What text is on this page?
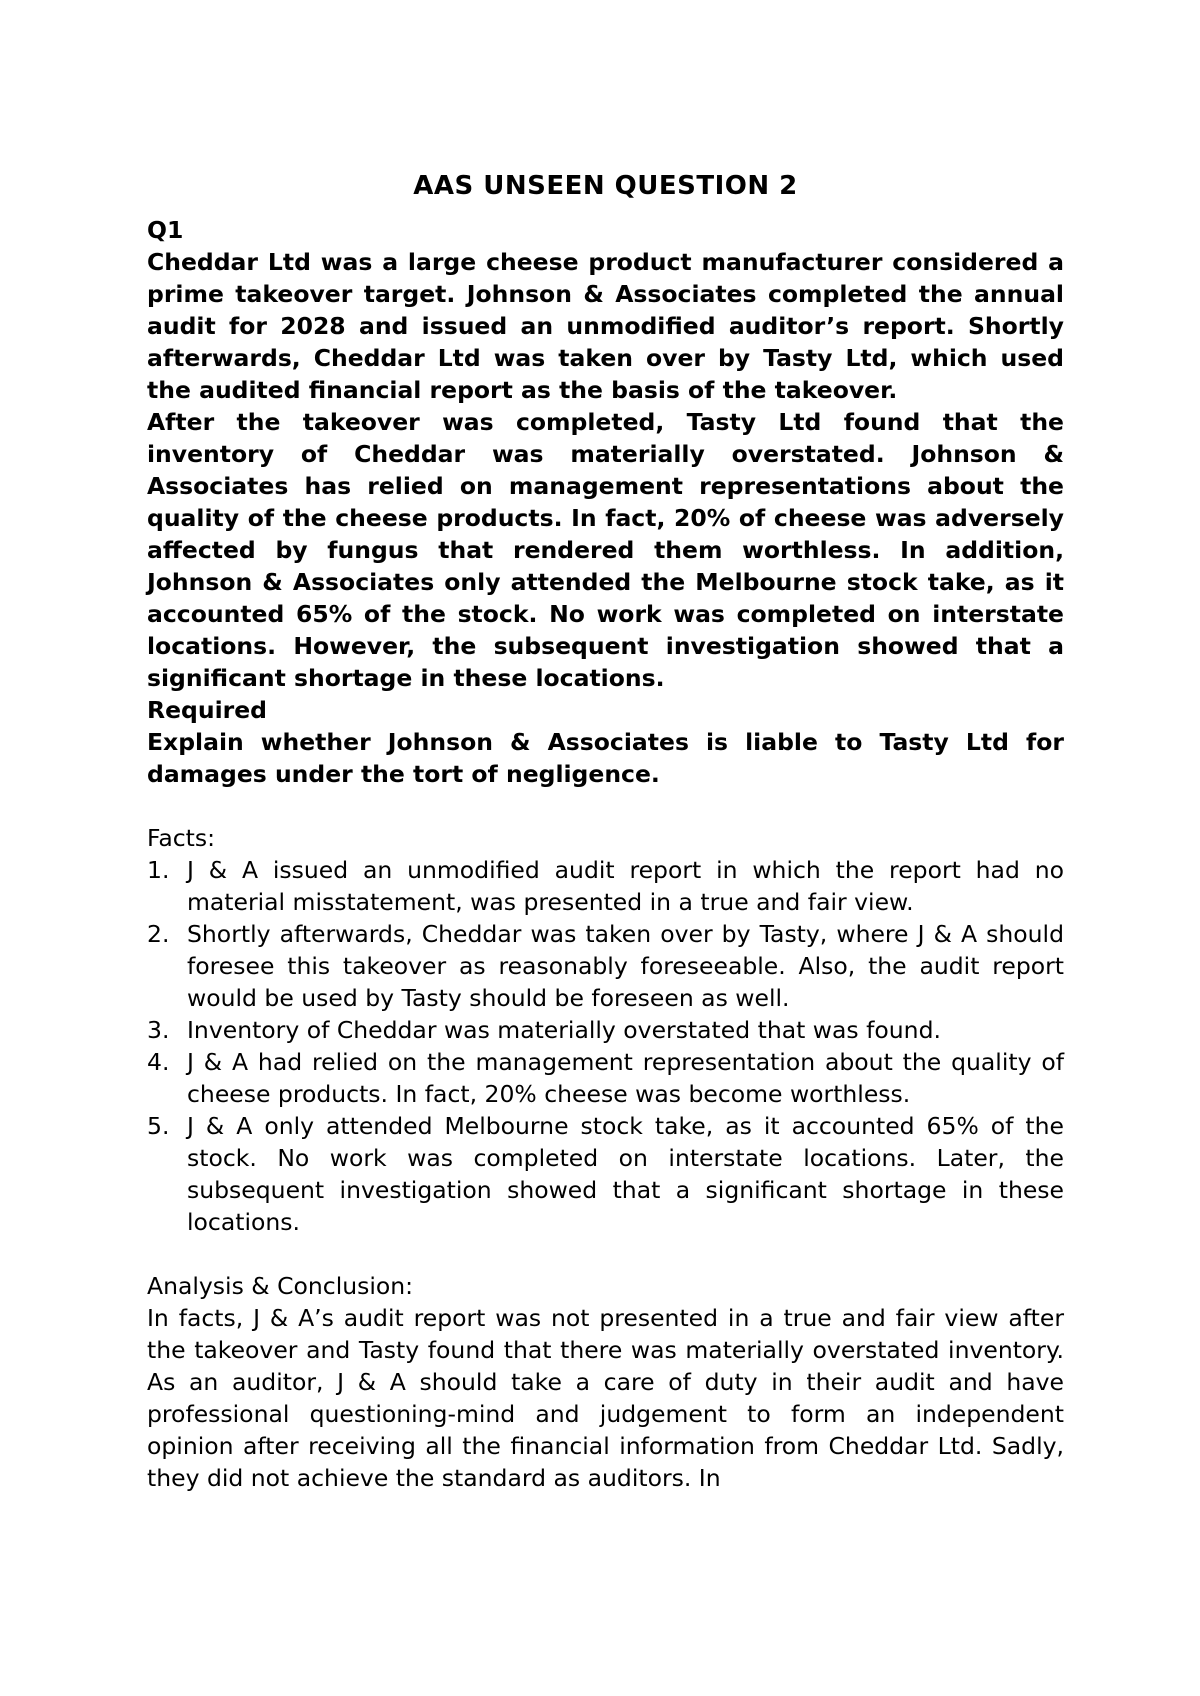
AAS UNSEEN QUESTION 2

Q1

Cheddar Ltd was a large cheese product manufacturer considered a prime takeover target. Johnson & Associates completed the annual audit for 2028 and issued an unmodified auditor’s report. Shortly afterwards, Cheddar Ltd was taken over by Tasty Ltd, which used the audited financial report as the basis of the takeover.

After the takeover was completed, Tasty Ltd found that the inventory of Cheddar was materially overstated. Johnson & Associates has relied on management representations about the quality of the cheese products. In fact, 20% of cheese was adversely affected by fungus that rendered them worthless. In addition, Johnson & Associates only attended the Melbourne stock take, as it accounted 65% of the stock. No work was completed on interstate locations. However, the subsequent investigation showed that a significant shortage in these locations.

Required

Explain whether Johnson & Associates is liable to Tasty Ltd for damages under the tort of negligence.

Facts:

1. J & A issued an unmodified audit report in which the report had no material misstatement, was presented in a true and fair view.
2. Shortly afterwards, Cheddar was taken over by Tasty, where J & A should foresee this takeover as reasonably foreseeable. Also, the audit report would be used by Tasty should be foreseen as well.
3. Inventory of Cheddar was materially overstated that was found.
4. J & A had relied on the management representation about the quality of cheese products. In fact, 20% cheese was become worthless.
5. J & A only attended Melbourne stock take, as it accounted 65% of the stock. No work was completed on interstate locations. Later, the subsequent investigation showed that a significant shortage in these locations.

Analysis & Conclusion:

In facts, J & A’s audit report was not presented in a true and fair view after the takeover and Tasty found that there was materially overstated inventory. As an auditor, J & A should take a care of duty in their audit and have professional questioning-mind and judgement to form an independent opinion after receiving all the financial information from Cheddar Ltd. Sadly, they did not achieve the standard as auditors. In
